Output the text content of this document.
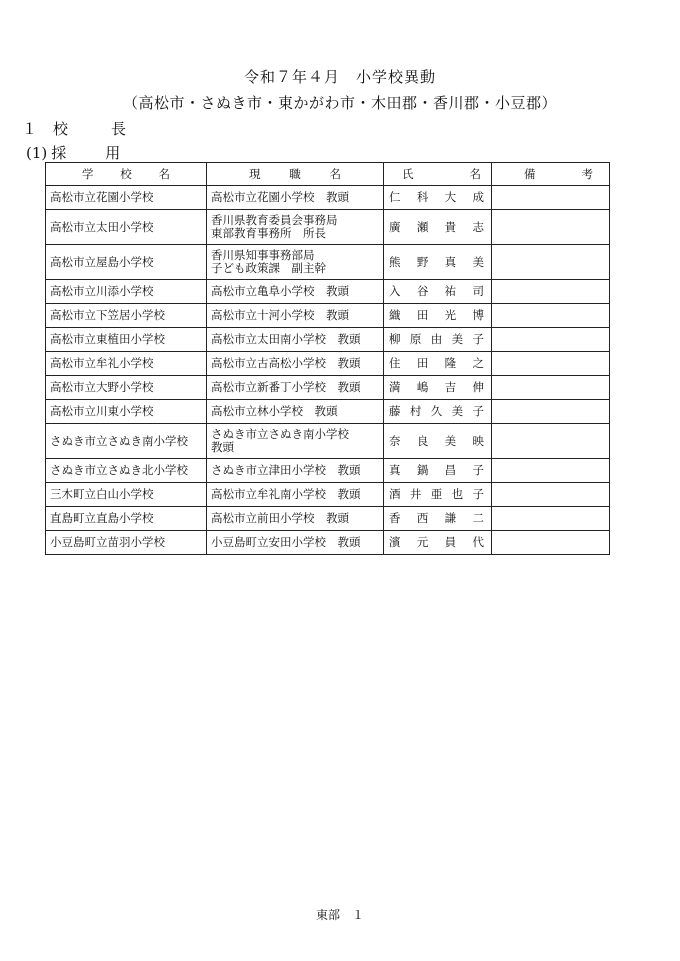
令和７年４月　小学校異動
（高松市・さぬき市・東かがわ市・木田郡・香川郡・小豆郡）
１ 校　長
(1) 採　用
学 校 名	現 職 名	氏 名	備 考

高松市立花園小学校	高松市立花園小学校　教頭	仁 科 大 成	

高松市立太田小学校	香川県教育委員会事務局
東部教育事務所　所長	廣 瀬 貴 志	

高松市立屋島小学校	香川県知事事務部局
子ども政策課　副主幹	熊 野 真 美	

高松市立川添小学校	高松市立亀阜小学校　教頭	入 谷 祐 司	

高松市立下笠居小学校	高松市立十河小学校　教頭	織 田 光 博	

高松市立東植田小学校	高松市立太田南小学校　教頭	柳 原 由 美 子	

高松市立牟礼小学校	高松市立古高松小学校　教頭	住 田 隆 之	

高松市立大野小学校	高松市立新番丁小学校　教頭	満 嶋 吉 伸	

高松市立川東小学校	高松市立林小学校　教頭	藤 村 久 美 子	

さぬき市立さぬき南小学校	さぬき市立さぬき南小学校
教頭	奈 良 美 映	

さぬき市立さぬき北小学校	さぬき市立津田小学校　教頭	真 鍋 昌 子	

三木町立白山小学校	高松市立牟礼南小学校　教頭	酒 井 亜 也 子	

直島町立直島小学校	高松市立前田小学校　教頭	香 西 謙 二	

小豆島町立苗羽小学校	小豆島町立安田小学校　教頭	濱 元 員 代	

東部　１
